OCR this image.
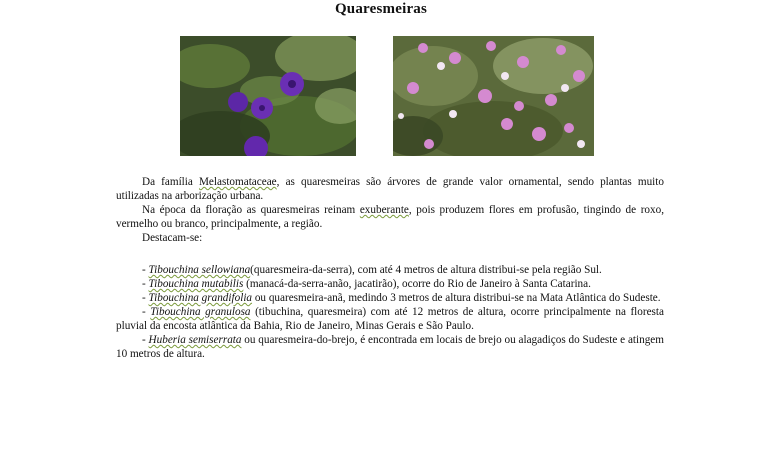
Quaresmeiras

Da família Melastomataceae, as quaresmeiras são árvores de grande valor ornamental, sendo plantas muito utilizadas na arborização urbana.

Na época da floração as quaresmeiras reinam exuberante, pois produzem flores em profusão, tingindo de roxo, vermelho ou branco, principalmente, a região.

Destacam-se:

- Tibouchina sellowiana(quaresmeira-da-serra), com até 4 metros de altura distribui-se pela região Sul.

- Tibouchina mutabilis (manacá-da-serra-anão, jacatirão), ocorre do Rio de Janeiro à Santa Catarina.

- Tibouchina grandifolia ou quaresmeira-anã, medindo 3 metros de altura distribui-se na Mata Atlântica do Sudeste.

- Tibouchina granulosa (tibuchina, quaresmeira) com até 12 metros de altura, ocorre principalmente na floresta pluvial da encosta atlântica da Bahia, Rio de Janeiro, Minas Gerais e São Paulo.

- Huberia semiserrata ou quaresmeira-do-brejo, é encontrada em locais de brejo ou alagadiços do Sudeste e atingem 10 metros de altura.
